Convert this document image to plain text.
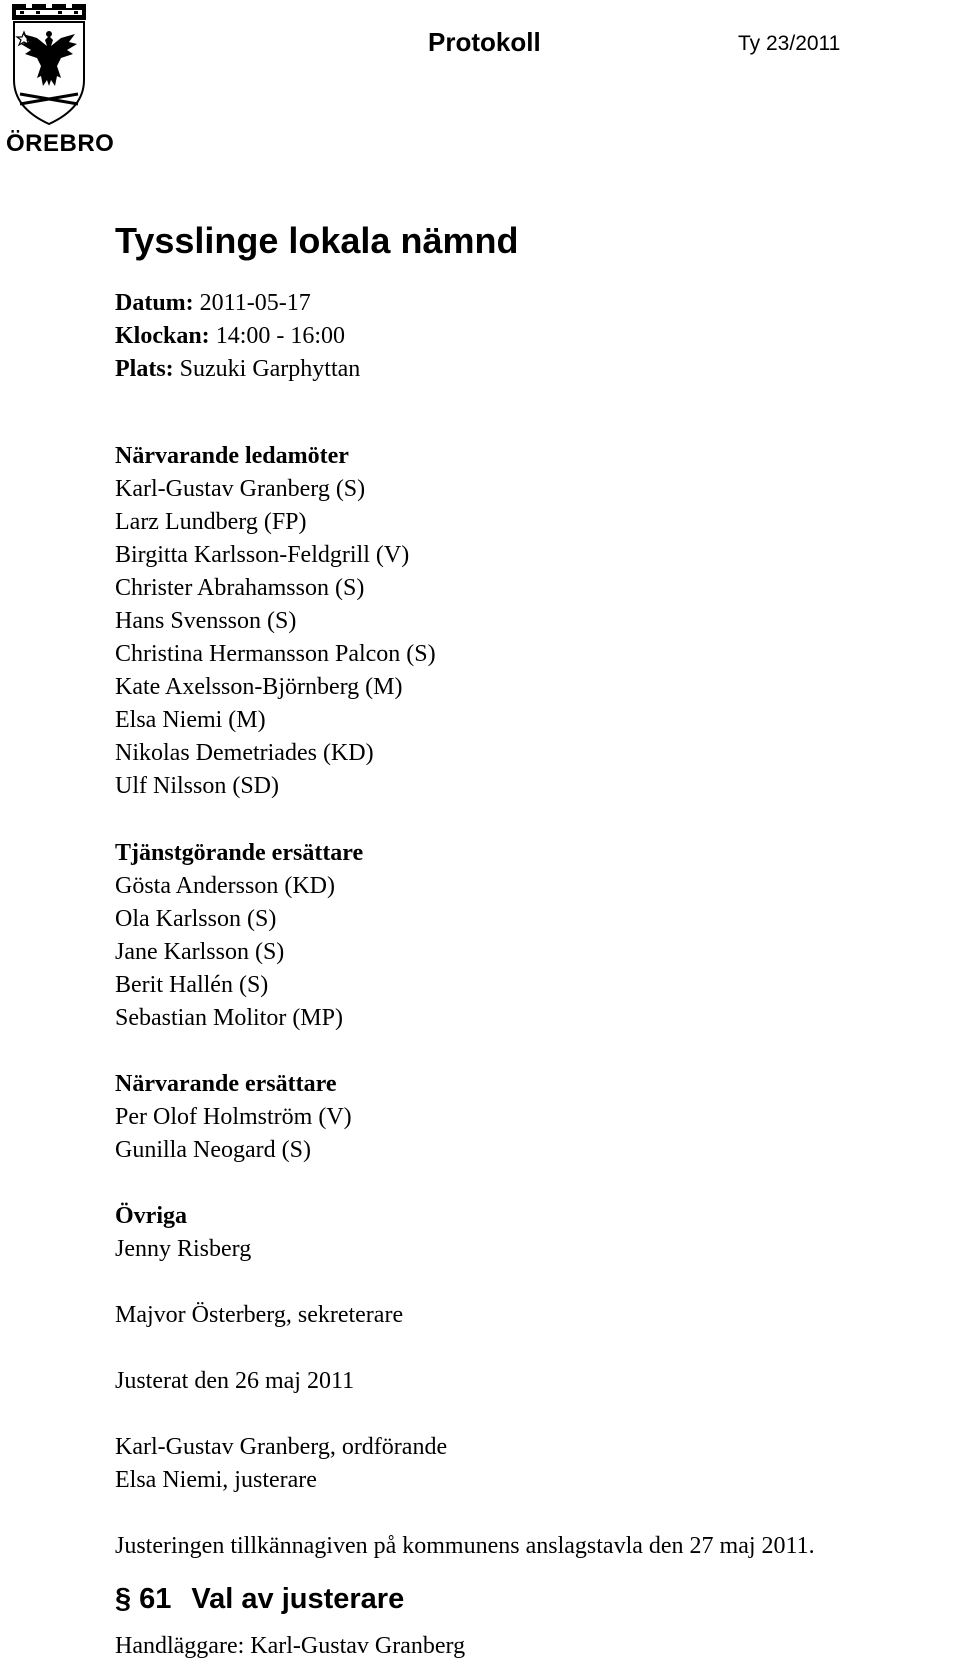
ÖREBRO
Protokoll	Ty 23/2011
Tysslinge lokala nämnd
Datum: 2011-05-17
Klockan: 14:00 - 16:00
Plats: Suzuki Garphyttan
Närvarande ledamöter
Karl-Gustav Granberg (S)
Larz Lundberg (FP)
Birgitta Karlsson-Feldgrill (V)
Christer Abrahamsson (S)
Hans Svensson (S)
Christina Hermansson Palcon (S)
Kate Axelsson-Björnberg (M)
Elsa Niemi (M)
Nikolas Demetriades (KD)
Ulf Nilsson (SD)
Tjänstgörande ersättare
Gösta Andersson (KD)
Ola Karlsson (S)
Jane Karlsson (S)
Berit Hallén (S)
Sebastian Molitor (MP)
Närvarande ersättare
Per Olof Holmström (V)
Gunilla Neogard (S)
Övriga
Jenny Risberg
Majvor Österberg, sekreterare
Justerat den 26 maj 2011
Karl-Gustav Granberg, ordförande
Elsa Niemi, justerare
Justeringen tillkännagiven på kommunens anslagstavla den 27 maj 2011.
§ 61 Val av justerare
Handläggare: Karl-Gustav Granberg
